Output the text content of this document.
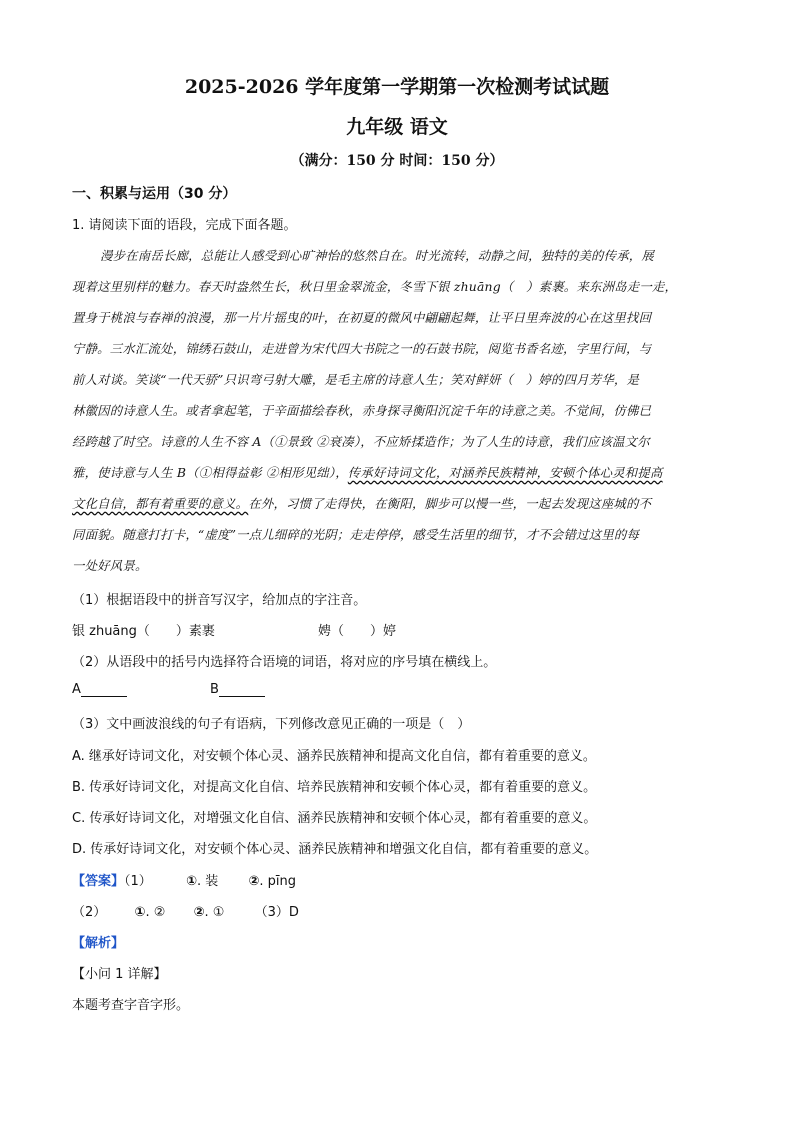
2025-2026 学年度第一学期第一次检测考试试题
九年级 语文
（满分：150 分 时间：150 分）
一、积累与运用（30 分）
1. 请阅读下面的语段，完成下面各题。
漫步在南岳长廊，总能让人感受到心旷神怡的悠然自在。时光流转，动静之间，独特的美的传承，展
现着这里别样的魅力。春天时盎然生长，秋日里金翠流金，冬雪下银 zhuāng（　）素裹。来东洲岛走一走，
置身于桃浪与春禅的浪漫，那一片片摇曳的叶，在初夏的微风中翩翩起舞，让平日里奔波的心在这里找回
宁静。三水汇流处，锦绣石鼓山，走进曾为宋代四大书院之一的石鼓书院，阅览书香名迹，字里行间，与
前人对谈。笑谈“一代天骄”只识弯弓射大雕，是毛主席的诗意人生；笑对鲜妍（　）婷的四月芳华，是
林徽因的诗意人生。或者拿起笔，于辛面描绘春秋，赤身探寻衡阳沉淀千年的诗意之美。不觉间，仿佛已
经跨越了时空。诗意的人生不容 A（①景致 ②衰凑），不应矫揉造作；为了人生的诗意，我们应该温文尔
雅，使诗意与人生 B（①相得益彰 ②相形见绌），传承好诗词文化，对涵养民族精神，安顿个体心灵和提高
文化自信，都有着重要的意义。在外，习惯了走得快，在衡阳，脚步可以慢一些，一起去发现这座城的不
同面貌。随意打打卡，“虚度”一点儿细碎的光阴；走走停停，感受生活里的细节，才不会错过这里的每
一处好风景。
（1）根据语段中的拼音写汉字，给加点的字注音。
银 zhuāng（　　）素裹	娉（　　）婷
（2）从语段中的括号内选择符合语境的词语，将对应的序号填在横线上。
A	B
（3）文中画波浪线的句子有语病，下列修改意见正确的一项是（　）
A. 继承好诗词文化，对安顿个体心灵、涵养民族精神和提高文化自信，都有着重要的意义。
B. 传承好诗词文化，对提高文化自信、培养民族精神和安顿个体心灵，都有着重要的意义。
C. 传承好诗词文化，对增强文化自信、涵养民族精神和安顿个体心灵，都有着重要的意义。
D. 传承好诗词文化，对安顿个体心灵、涵养民族精神和增强文化自信，都有着重要的意义。
【答案】（1）	①. 装 ②. pīng
（2） ①. ② ②. ① （3）D
【解析】
【小问 1 详解】
本题考查字音字形。
